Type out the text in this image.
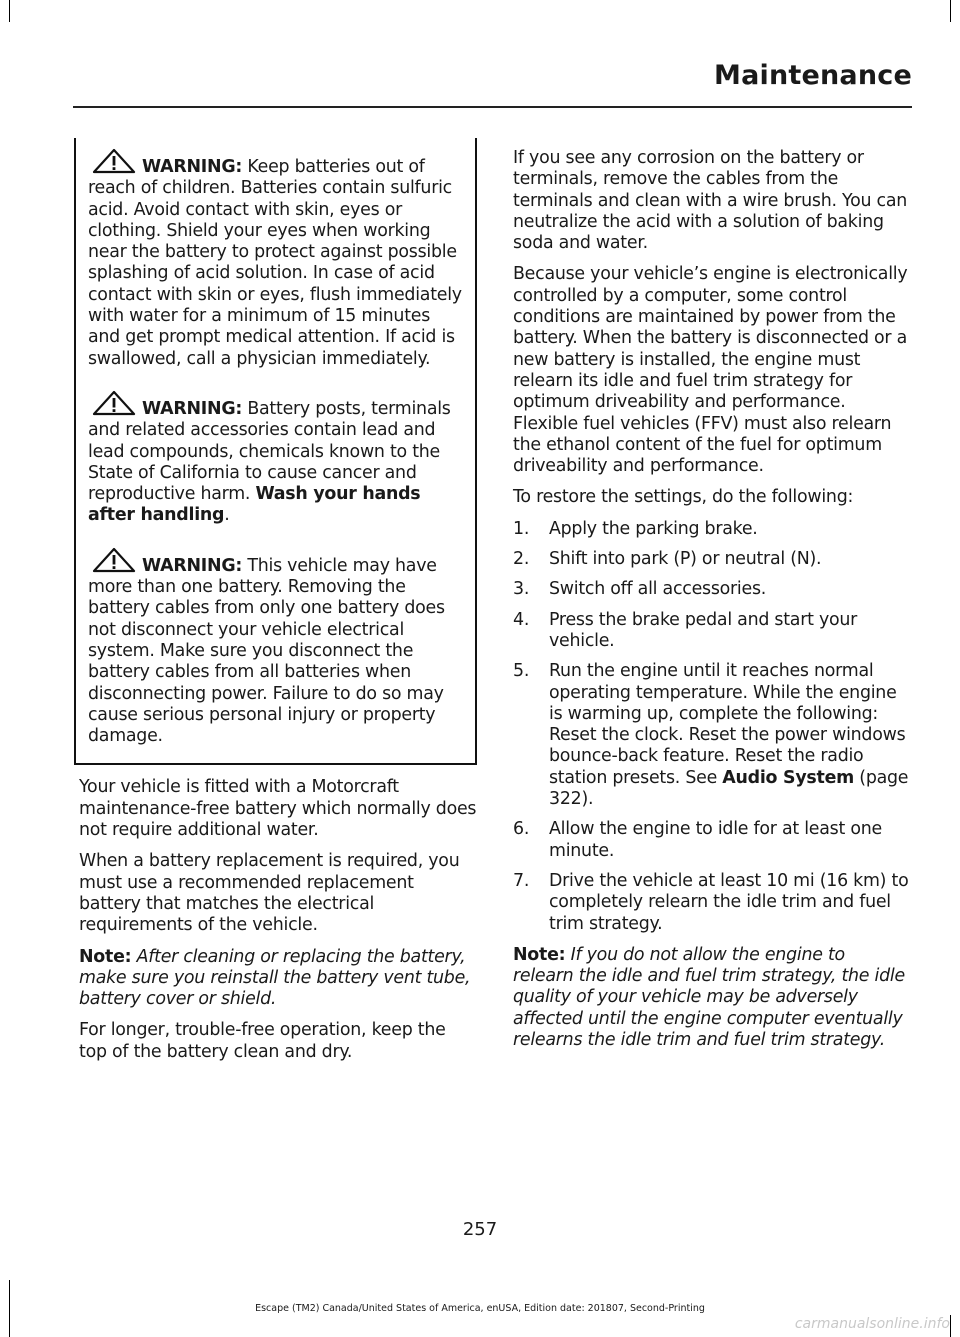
Maintenance
WARNING: Keep batteries out of reach of children. Batteries contain sulfuric acid. Avoid contact with skin, eyes or clothing. Shield your eyes when working near the battery to protect against possible splashing of acid solution. In case of acid contact with skin or eyes, flush immediately with water for a minimum of 15 minutes and get prompt medical attention. If acid is swallowed, call a physician immediately.
WARNING: Battery posts, terminals and related accessories contain lead and lead compounds, chemicals known to the State of California to cause cancer and reproductive harm. Wash your hands after handling.
WARNING: This vehicle may have more than one battery. Removing the battery cables from only one battery does not disconnect your vehicle electrical system. Make sure you disconnect the battery cables from all batteries when disconnecting power. Failure to do so may cause serious personal injury or property damage.

Your vehicle is fitted with a Motorcraft maintenance-free battery which normally does not require additional water.

When a battery replacement is required, you must use a recommended replacement battery that matches the electrical requirements of the vehicle.

Note: After cleaning or replacing the battery, make sure you reinstall the battery vent tube, battery cover or shield.

For longer, trouble-free operation, keep the top of the battery clean and dry.

If you see any corrosion on the battery or terminals, remove the cables from the terminals and clean with a wire brush. You can neutralize the acid with a solution of baking soda and water.

Because your vehicle’s engine is electronically controlled by a computer, some control conditions are maintained by power from the battery. When the battery is disconnected or a new battery is installed, the engine must relearn its idle and fuel trim strategy for optimum driveability and performance. Flexible fuel vehicles (FFV) must also relearn the ethanol content of the fuel for optimum driveability and performance.

To restore the settings, do the following:

1. Apply the parking brake.
2. Shift into park (P) or neutral (N).
3. Switch off all accessories.
4. Press the brake pedal and start your vehicle.
5. Run the engine until it reaches normal operating temperature. While the engine is warming up, complete the following: Reset the clock. Reset the power windows bounce-back feature. Reset the radio station presets. See Audio System (page 322).
6. Allow the engine to idle for at least one minute.
7. Drive the vehicle at least 10 mi (16 km) to completely relearn the idle trim and fuel trim strategy.

Note: If you do not allow the engine to relearn the idle and fuel trim strategy, the idle quality of your vehicle may be adversely affected until the engine computer eventually relearns the idle trim and fuel trim strategy.

257
Escape (TM2) Canada/United States of America, enUSA, Edition date: 201807, Second-Printing
carmanualsonline.info
